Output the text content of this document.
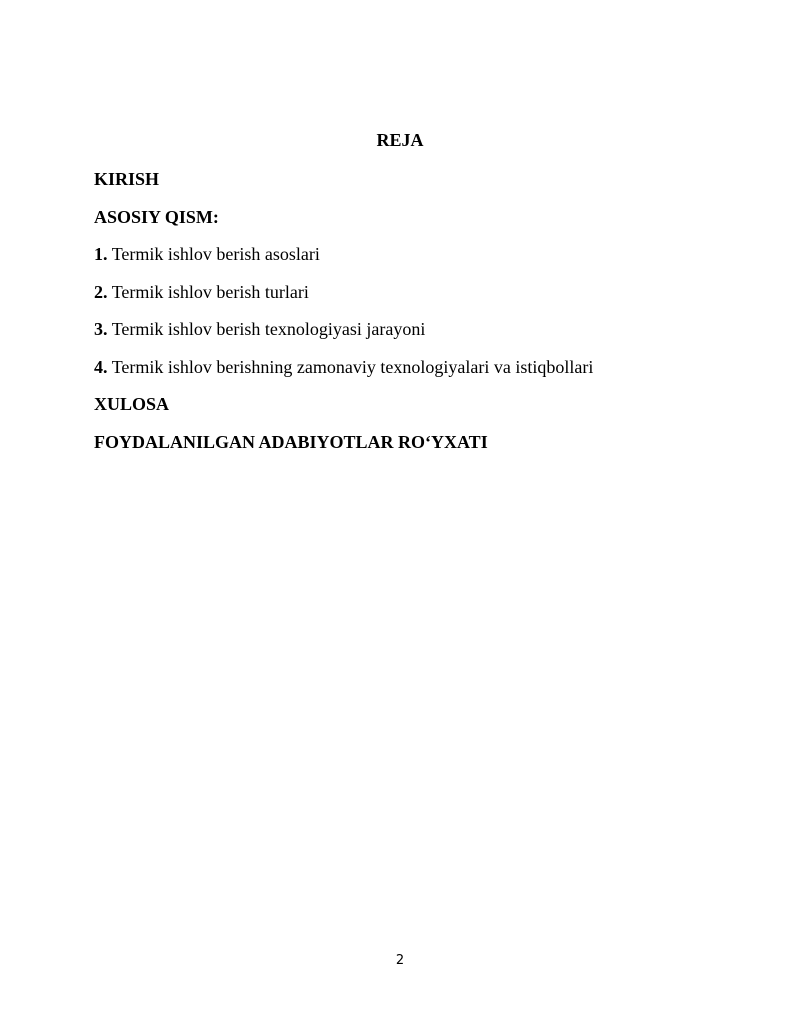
REJA
KIRISH
ASOSIY QISM:
1. Termik ishlov berish asoslari
2. Termik ishlov berish turlari
3. Termik ishlov berish texnologiyasi jarayoni
4. Termik ishlov berishning zamonaviy texnologiyalari va istiqbollari
XULOSA
FOYDALANILGAN ADABIYOTLAR RO‘YXATI
2
